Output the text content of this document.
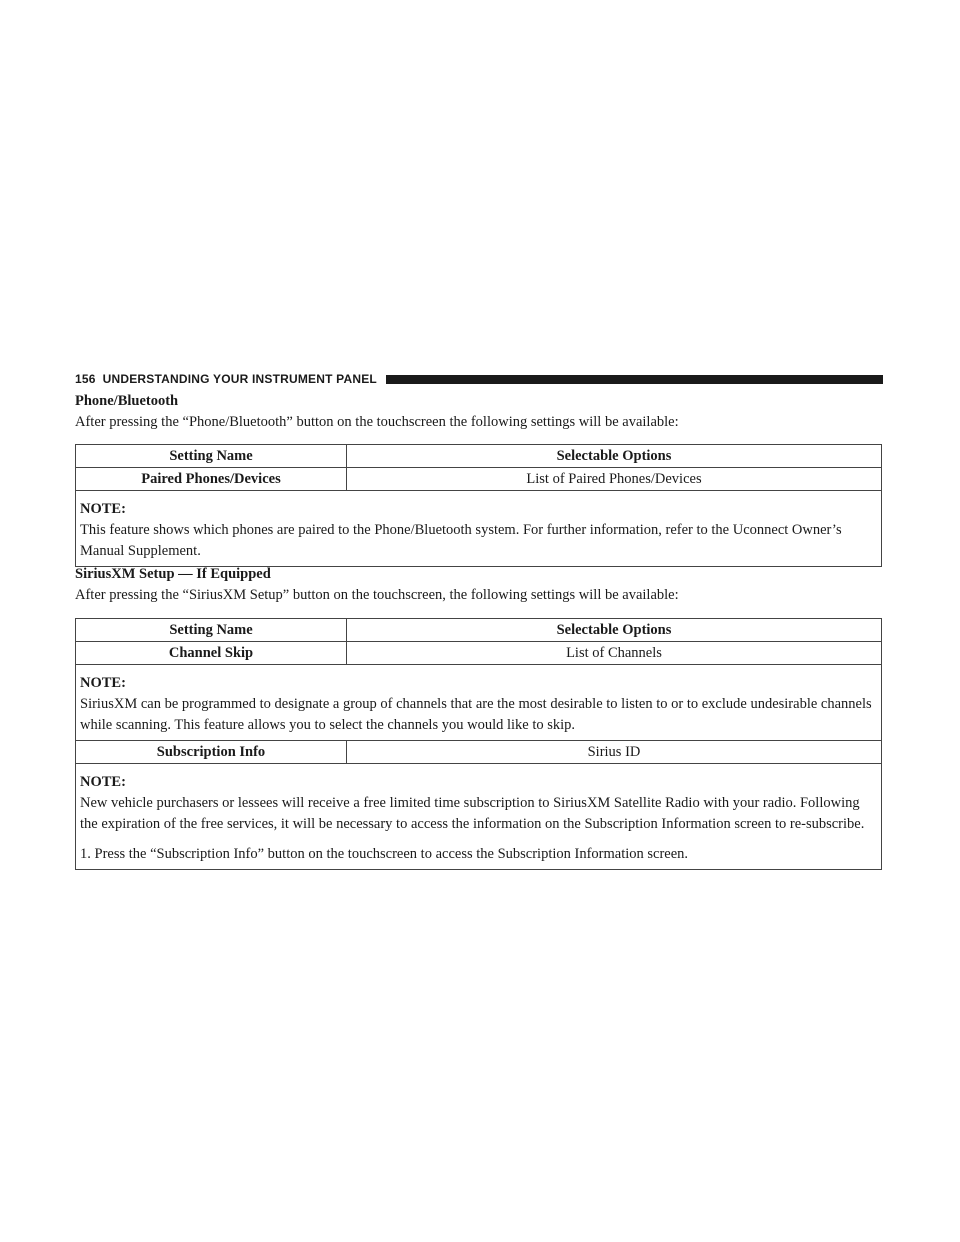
156 UNDERSTANDING YOUR INSTRUMENT PANEL
Phone/Bluetooth
After pressing the “Phone/Bluetooth” button on the touchscreen the following settings will be available:
Setting Name	Selectable Options
Paired Phones/Devices	List of Paired Phones/Devices

NOTE:
This feature shows which phones are paired to the Phone/Bluetooth system. For further information, refer to the Uconnect Owner’s Manual Supplement.	
SiriusXM Setup — If Equipped
After pressing the “SiriusXM Setup” button on the touchscreen, the following settings will be available:
Setting Name	Selectable Options
Channel Skip	List of Channels

NOTE:
SiriusXM can be programmed to designate a group of channels that are the most desirable to listen to or to exclude undesirable channels while scanning. This feature allows you to select the channels you would like to skip.	

Subscription Info	Sirius ID

NOTE:
New vehicle purchasers or lessees will receive a free limited time subscription to SiriusXM Satellite Radio with your radio. Following the expiration of the free services, it will be necessary to access the information on the Subscription Information screen to re-subscribe.
1. Press the “Subscription Info” button on the touchscreen to access the Subscription Information screen.	
